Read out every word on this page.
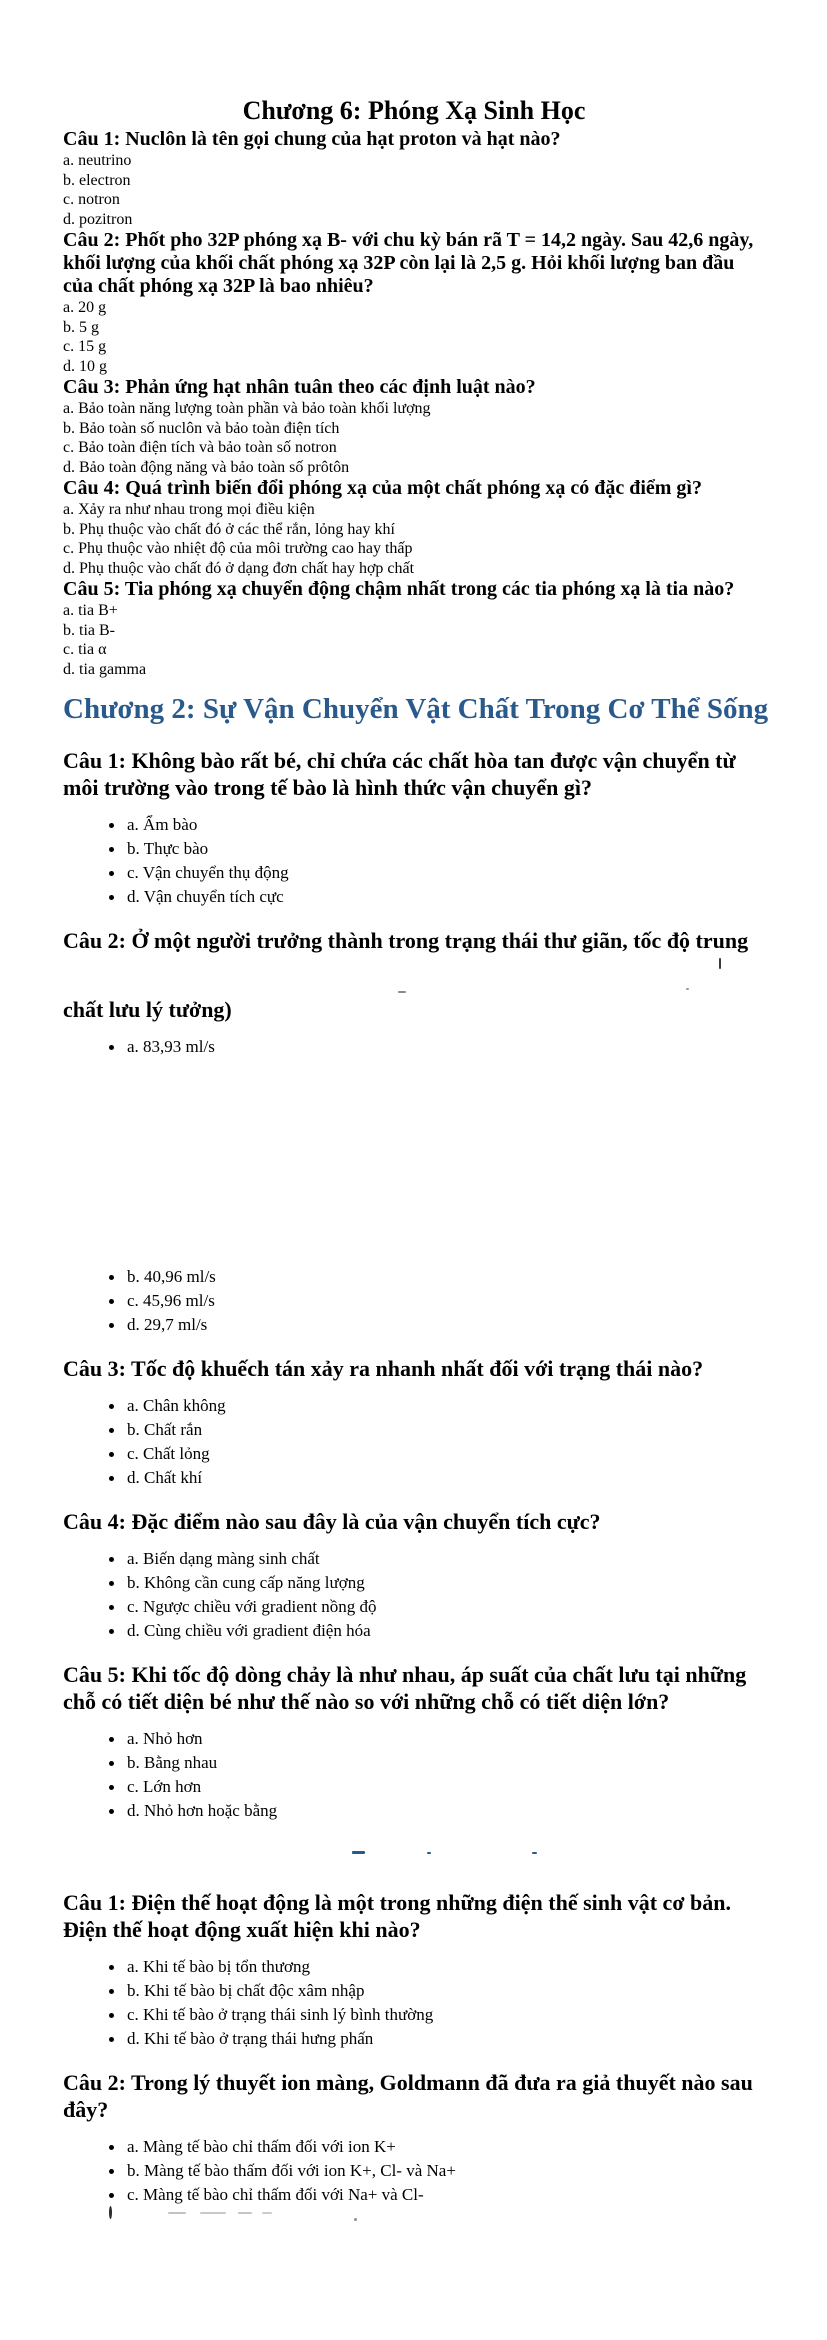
Chương 6: Phóng Xạ Sinh Học
Câu 1: Nuclôn là tên gọi chung của hạt proton và hạt nào?
a. neutrino
b. electron
c. notron
d. pozitron
Câu 2: Phốt pho 32P phóng xạ B- với chu kỳ bán rã T = 14,2 ngày. Sau 42,6 ngày,
khối lượng của khối chất phóng xạ 32P còn lại là 2,5 g. Hỏi khối lượng ban đầu
của chất phóng xạ 32P là bao nhiêu?
a. 20 g
b. 5 g
c. 15 g
d. 10 g
Câu 3: Phản ứng hạt nhân tuân theo các định luật nào?
a. Bảo toàn năng lượng toàn phần và bảo toàn khối lượng
b. Bảo toàn số nuclôn và bảo toàn điện tích
c. Bảo toàn điện tích và bảo toàn số notron
d. Bảo toàn động năng và bảo toàn số prôtôn
Câu 4: Quá trình biến đổi phóng xạ của một chất phóng xạ có đặc điểm gì?
a. Xảy ra như nhau trong mọi điều kiện
b. Phụ thuộc vào chất đó ở các thể rắn, lỏng hay khí
c. Phụ thuộc vào nhiệt độ của môi trường cao hay thấp
d. Phụ thuộc vào chất đó ở dạng đơn chất hay hợp chất
Câu 5: Tia phóng xạ chuyển động chậm nhất trong các tia phóng xạ là tia nào?
a. tia B+
b. tia B-
c. tia α
d. tia gamma
Chương 2: Sự Vận Chuyển Vật Chất Trong Cơ Thể Sống
Câu 1: Không bào rất bé, chỉ chứa các chất hòa tan được vận chuyển từ
môi trường vào trong tế bào là hình thức vận chuyển gì?
a. Ẩm bào
b. Thực bào
c. Vận chuyển thụ động
d. Vận chuyển tích cực
Câu 2: Ở một người trưởng thành trong trạng thái thư giãn, tốc độ trung
chất lưu lý tưởng)
a. 83,93 ml/s
b. 40,96 ml/s
c. 45,96 ml/s
d. 29,7 ml/s
Câu 3: Tốc độ khuếch tán xảy ra nhanh nhất đối với trạng thái nào?
a. Chân không
b. Chất rắn
c. Chất lỏng
d. Chất khí
Câu 4: Đặc điểm nào sau đây là của vận chuyển tích cực?
a. Biến dạng màng sinh chất
b. Không cần cung cấp năng lượng
c. Ngược chiều với gradient nồng độ
d. Cùng chiều với gradient điện hóa
Câu 5: Khi tốc độ dòng chảy là như nhau, áp suất của chất lưu tại những
chỗ có tiết diện bé như thế nào so với những chỗ có tiết diện lớn?
a. Nhỏ hơn
b. Bằng nhau
c. Lớn hơn
d. Nhỏ hơn hoặc bằng
Câu 1: Điện thế hoạt động là một trong những điện thế sinh vật cơ bản.
Điện thế hoạt động xuất hiện khi nào?
a. Khi tế bào bị tổn thương
b. Khi tế bào bị chất độc xâm nhập
c. Khi tế bào ở trạng thái sinh lý bình thường
d. Khi tế bào ở trạng thái hưng phấn
Câu 2: Trong lý thuyết ion màng, Goldmann đã đưa ra giả thuyết nào sau
đây?
a. Màng tế bào chỉ thấm đối với ion K+
b. Màng tế bào thấm đối với ion K+, Cl- và Na+
c. Màng tế bào chỉ thấm đối với Na+ và Cl-
